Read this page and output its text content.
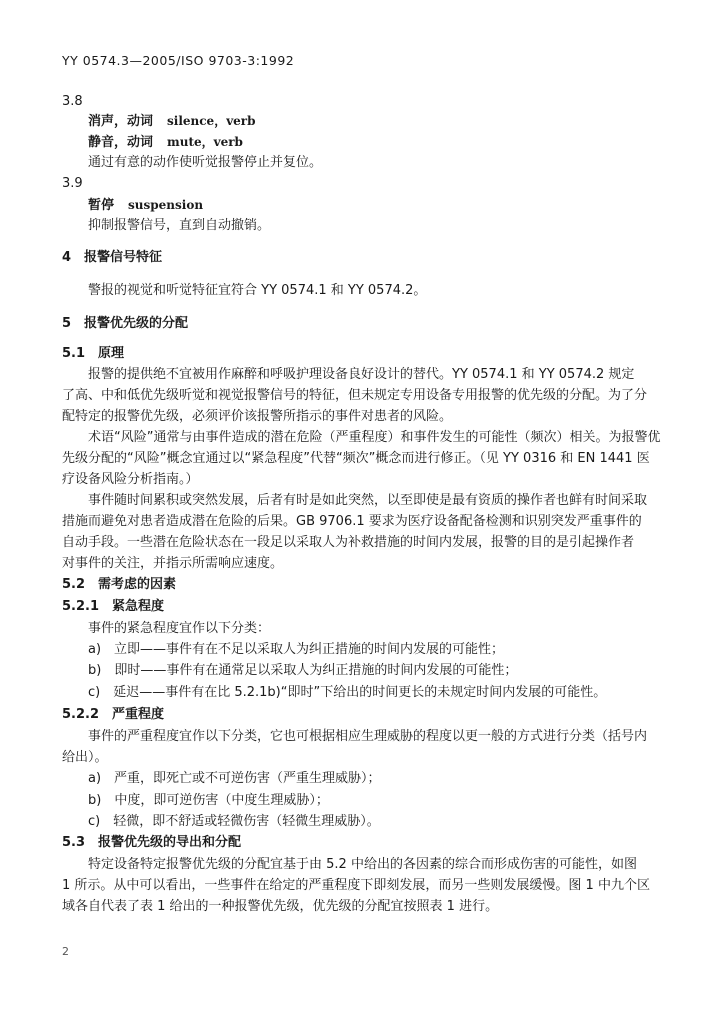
YY 0574.3—2005/ISO 9703-3:1992
3.8
消声，动词 silence，verb
静音，动词 mute，verb
通过有意的动作使听觉报警停止并复位。
3.9
暂停 suspension
抑制报警信号，直到自动撤销。
4　报警信号特征
警报的视觉和听觉特征宜符合 YY 0574.1 和 YY 0574.2。
5　报警优先级的分配
5.1　原理
报警的提供绝不宜被用作麻醉和呼吸护理设备良好设计的替代。YY 0574.1 和 YY 0574.2 规定
了高、中和低优先级听觉和视觉报警信号的特征，但未规定专用设备专用报警的优先级的分配。为了分
配特定的报警优先级，必须评价该报警所指示的事件对患者的风险。
术语“风险”通常与由事件造成的潜在危险（严重程度）和事件发生的可能性（频次）相关。为报警优
先级分配的“风险”概念宜通过以“紧急程度”代替“频次”概念而进行修正。（见 YY 0316 和 EN 1441 医
疗设备风险分析指南。）
事件随时间累积或突然发展，后者有时是如此突然，以至即使是最有资质的操作者也鲜有时间采取
措施而避免对患者造成潜在危险的后果。GB 9706.1 要求为医疗设备配备检测和识别突发严重事件的
自动手段。一些潜在危险状态在一段足以采取人为补救措施的时间内发展，报警的目的是引起操作者
对事件的关注，并指示所需响应速度。
5.2　需考虑的因素
5.2.1　紧急程度
事件的紧急程度宜作以下分类：
a)　立即——事件有在不足以采取人为纠正措施的时间内发展的可能性；
b)　即时——事件有在通常足以采取人为纠正措施的时间内发展的可能性；
c)　延迟——事件有在比 5.2.1b)“即时”下给出的时间更长的未规定时间内发展的可能性。
5.2.2　严重程度
事件的严重程度宜作以下分类，它也可根据相应生理威胁的程度以更一般的方式进行分类（括号内
给出）。
a)　严重，即死亡或不可逆伤害（严重生理威胁）；
b)　中度，即可逆伤害（中度生理威胁）；
c)　轻微，即不舒适或轻微伤害（轻微生理威胁）。
5.3　报警优先级的导出和分配
特定设备特定报警优先级的分配宜基于由 5.2 中给出的各因素的综合而形成伤害的可能性，如图
1 所示。从中可以看出，一些事件在给定的严重程度下即刻发展，而另一些则发展缓慢。图 1 中九个区
域各自代表了表 1 给出的一种报警优先级，优先级的分配宜按照表 1 进行。
2
